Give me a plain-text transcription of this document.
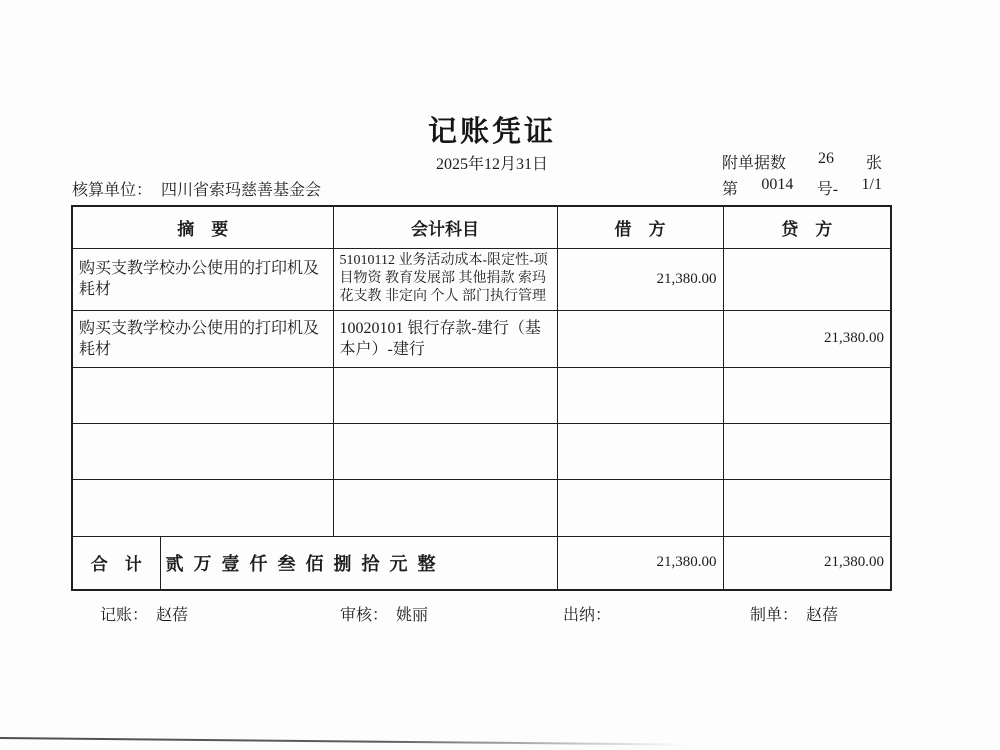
记账凭证
2025年12月31日	附单据数 26 张
核算单位： 四川省索玛慈善基金会	第 0014 号- 1/1
摘　要		会计科目	借　方	贷　方
购买支教学校办公使用的打印机及耗材		51010112 业务活动成本-限定性-项目物资 教育发展部 其他捐款 索玛花支教 非定向 个人 部门执行管理	21,380.00	
购买支教学校办公使用的打印机及耗材		10020101 银行存款-建行（基本户）-建行		21,380.00

合　计	贰万壹仟叁佰捌拾元整		21,380.00	21,380.00
记账： 赵蓓	审核： 姚丽	出纳：	制单： 赵蓓
